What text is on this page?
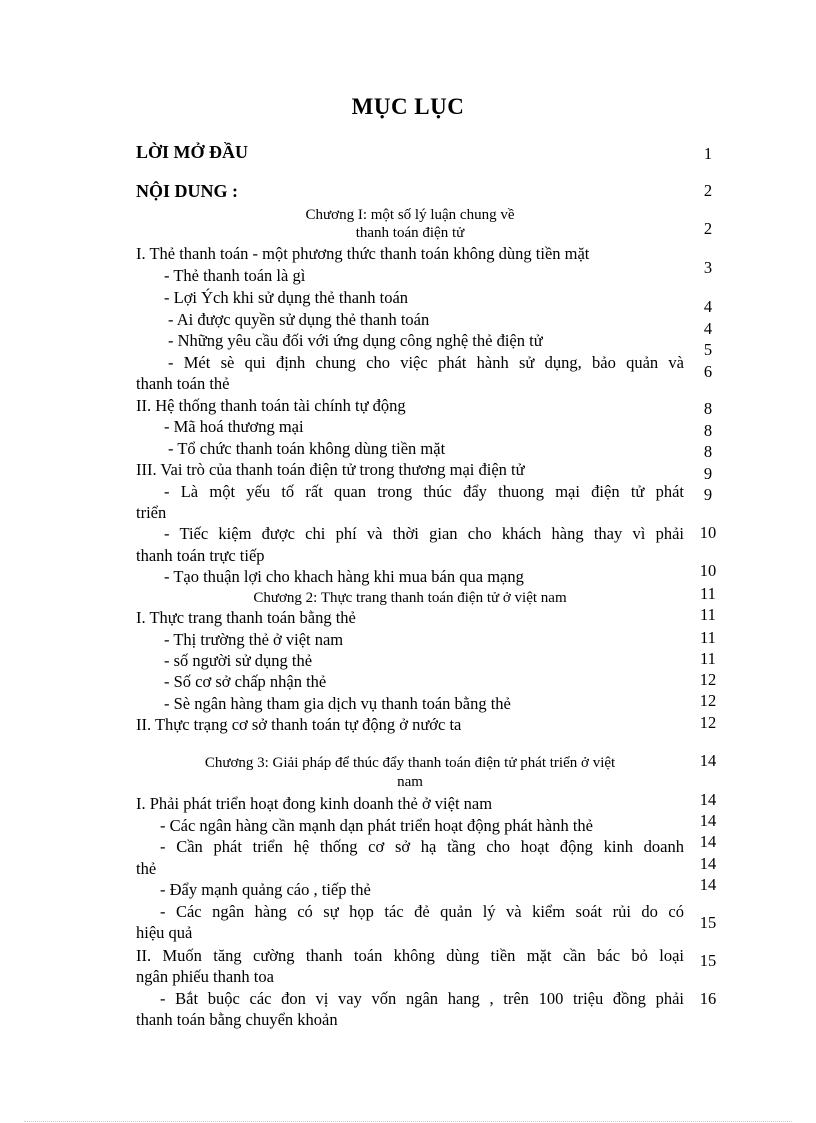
MỤC LỤC
LỜI MỞ ĐẦU
NỘI DUNG :
Chương I: một số lý luận chung về
thanh toán điện tử
I. Thẻ thanh toán - một phương thức thanh toán không dùng tiền mặt
- Thẻ thanh toán là gì
- Lợi Ých khi sử dụng thẻ thanh toán
- Ai được quyền sử dụng thẻ thanh toán
- Những yêu cầu đối với ứng dụng công nghệ thẻ điện tử
- Mét sè qui định chung cho việc phát hành sử dụng, bảo quản và
thanh toán thẻ
II. Hệ thống thanh toán tài chính tự động
- Mã hoá thương mại
- Tổ chức thanh toán không dùng tiền mặt
III. Vai trò của thanh toán điện tử trong thương mại điện tử
- Là một yếu tố rất quan trong thúc đẩy thuong mại điện tử phát
triển
- Tiếc kiệm được chi phí và thời gian cho khách hàng thay vì phải
thanh toán trực tiếp
- Tạo thuận lợi cho khach hàng khi mua bán qua mạng
Chương 2: Thực trang thanh toán điện tử ở việt nam
I. Thực trang thanh toán bằng thẻ
- Thị trường thẻ ở việt nam
- số người sử dụng thẻ
- Số cơ sở chấp nhận thẻ
- Sè ngân hàng tham gia dịch vụ thanh toán bằng thẻ
II. Thực trạng cơ sở thanh toán tự động ở nước ta
Chương 3: Giải pháp để thúc đẩy thanh toán điện tử phát triển ở việt
nam
I. Phải phát triển hoạt đong kinh doanh thẻ ở việt nam
- Các ngân hàng cần mạnh dạn phát triển hoạt động phát hành thẻ
- Cần phát triển hệ thống cơ sở hạ tầng cho hoạt động kinh doanh
thẻ
- Đẩy mạnh quảng cáo , tiếp thẻ
- Các ngân hàng có sự họp tác đẻ quản lý và kiểm soát rủi do có
hiệu quả
II. Muốn tăng cường thanh toán không dùng tiền mặt cần bác bỏ loại
ngân phiếu thanh toa
- Bắt buộc các đon vị vay vốn ngân hang , trên 100 triệu đồng phải
thanh toán bằng chuyển khoản
1
2
2
3
4
4
5
6
8
8
8
9
9
10
10
11
11
11
11
12
12
12
14
14
14
14
14
14
15
15
16
